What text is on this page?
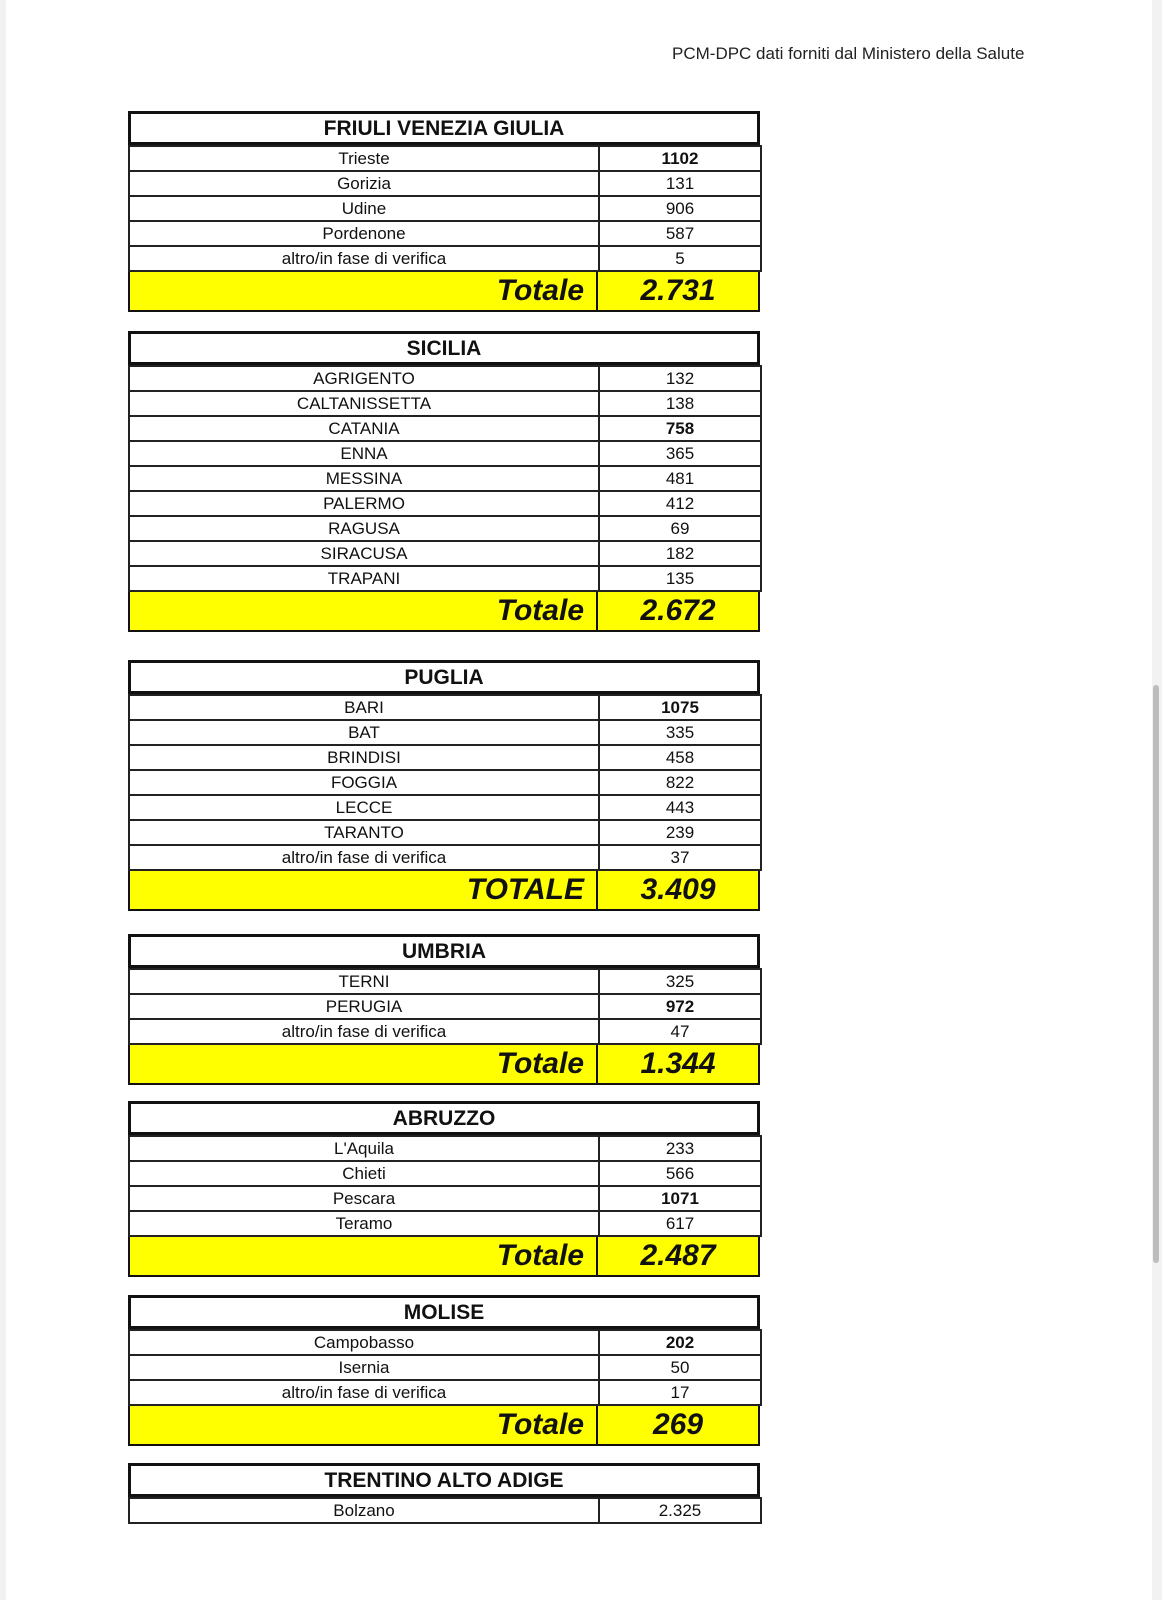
PCM-DPC dati forniti dal Ministero della Salute
FRIULI VENEZIA GIULIA
Trieste	1102
Gorizia	131
Udine	906
Pordenone	587
altro/in fase di verifica	5
Totale	2.731
SICILIA
AGRIGENTO	132
CALTANISSETTA	138
CATANIA	758
ENNA	365
MESSINA	481
PALERMO	412
RAGUSA	69
SIRACUSA	182
TRAPANI	135
Totale	2.672
PUGLIA
BARI	1075
BAT	335
BRINDISI	458
FOGGIA	822
LECCE	443
TARANTO	239
altro/in fase di verifica	37
TOTALE	3.409
UMBRIA
TERNI	325
PERUGIA	972
altro/in fase di verifica	47
Totale	1.344
ABRUZZO
L'Aquila	233
Chieti	566
Pescara	1071
Teramo	617
Totale	2.487
MOLISE
Campobasso	202
Isernia	50
altro/in fase di verifica	17
Totale	269
TRENTINO ALTO ADIGE
Bolzano	2.325
